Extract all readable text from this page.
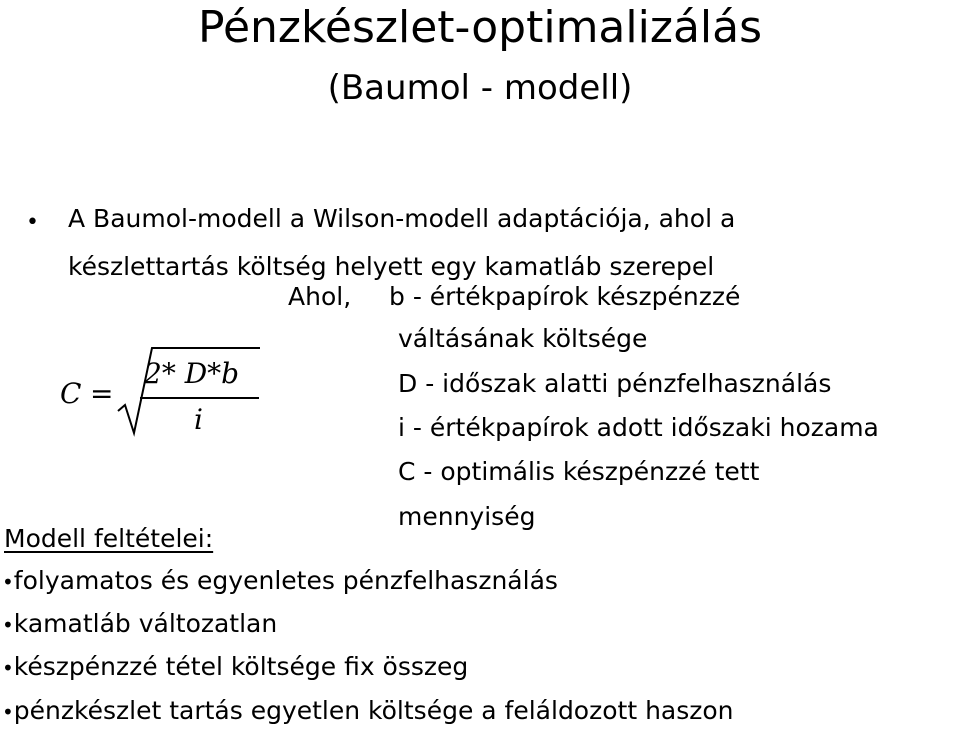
Pénzkészlet-optimalizálás
(Baumol - modell)
• A Baumol-modell a Wilson-modell adaptációja, ahol a
készlettartás költség helyett egy kamatláb szerepel
Ahol, b - értékpapírok készpénzzé
váltásának költsége
D - időszak alatti pénzfelhasználás
i - értékpapírok adott időszaki hozama
C - optimális készpénzzé tett
mennyiség
C =
2* D*b
i
Modell feltételei:
•folyamatos és egyenletes pénzfelhasználás
•kamatláb változatlan
•készpénzzé tétel költsége fix összeg
•pénzkészlet tartás egyetlen költsége a feláldozott haszon
